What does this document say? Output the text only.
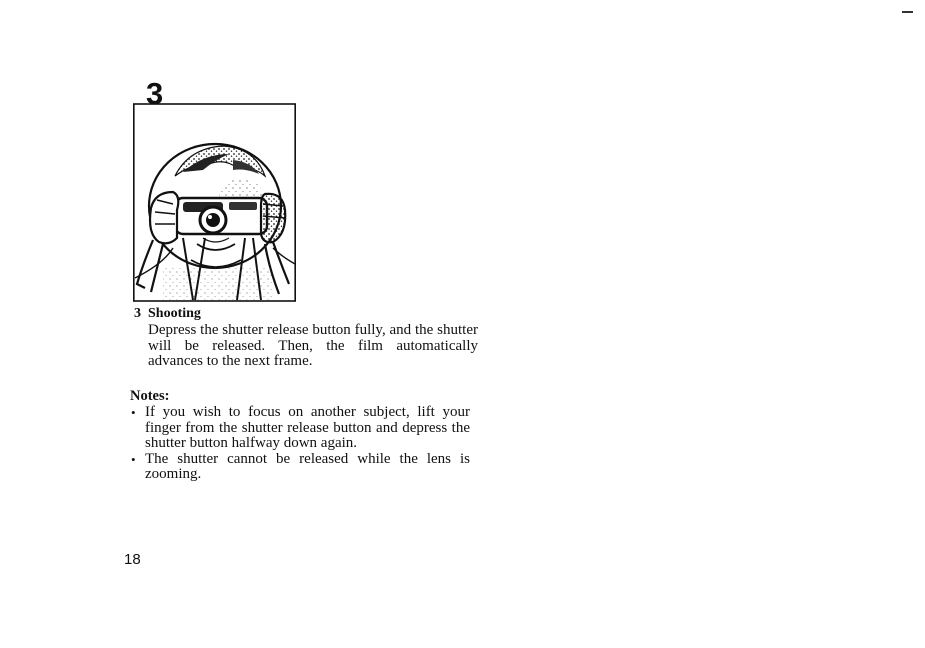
3
3 Shooting
Depress the shutter release button fully, and the shutter will be released. Then, the film automatically advances to the next frame.
Notes:
• If you wish to focus on another subject, lift your finger from the shutter release button and depress the shutter button halfway down again.
• The shutter cannot be released while the lens is zooming.
18
